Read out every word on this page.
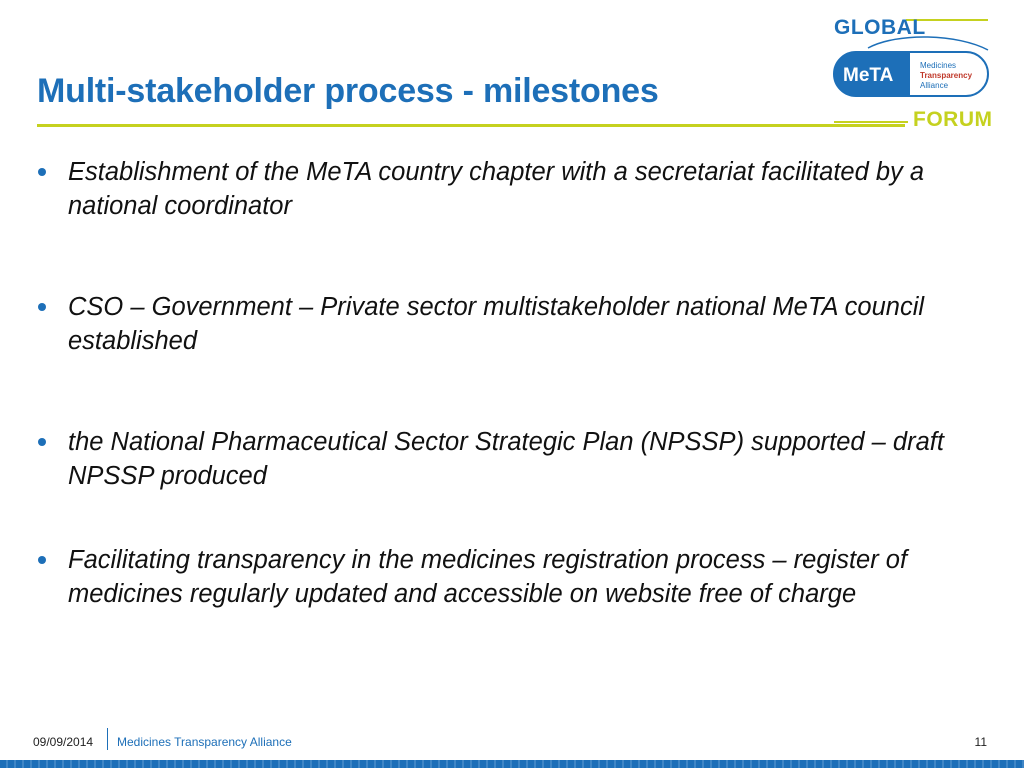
Multi-stakeholder process - milestones
GLOBAL
MeTA	Medicines
Transparency
Alliance
FORUM
Establishment of the MeTA country chapter with a secretariat facilitated by a national coordinator
CSO – Government – Private sector multistakeholder national MeTA council established
the National Pharmaceutical Sector Strategic Plan (NPSSP) supported – draft NPSSP produced
Facilitating transparency in the medicines registration process – register of medicines regularly updated and accessible on website free of charge
09/09/2014 Medicines Transparency Alliance	11
